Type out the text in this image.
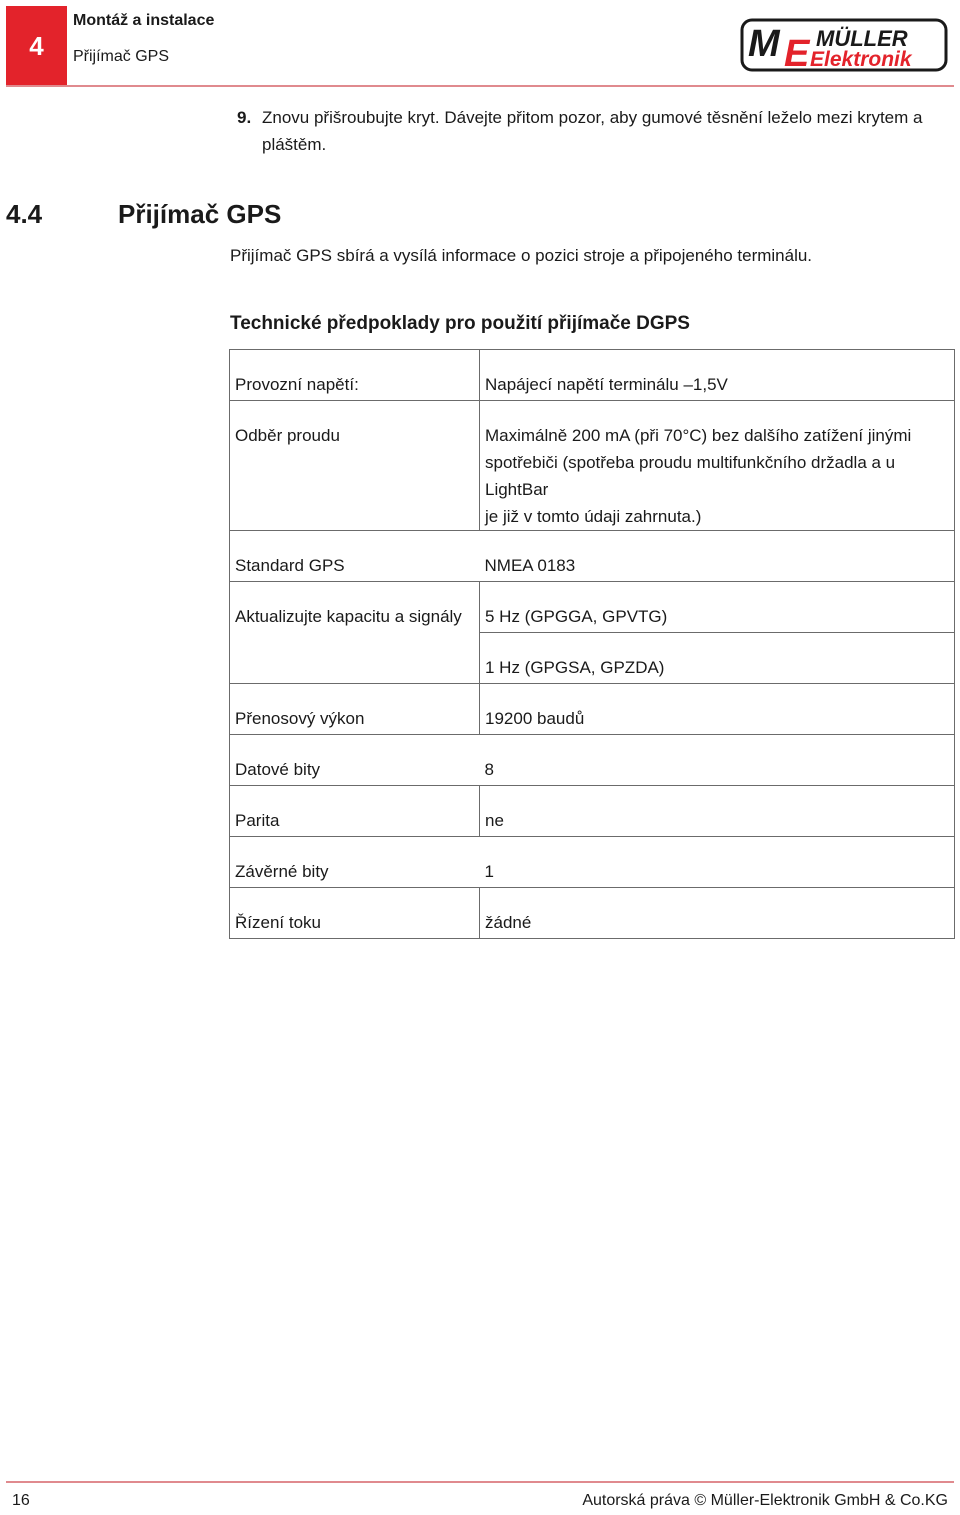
4
Montáž a instalace
Přijímač GPS	M E MÜLLER
Elektronik
9. Znovu přišroubujte kryt. Dávejte přitom pozor, aby gumové těsnění leželo mezi krytem a
pláštěm.
4.4	Přijímač GPS
Přijímač GPS sbírá a vysílá informace o pozici stroje a připojeného terminálu.
Technické předpoklady pro použití přijímače DGPS
Provozní napětí:	Napájecí napětí terminálu –1,5V
Odběr proudu	Maximálně 200 mA (při 70°C) bez dalšího zatížení jinými
spotřebiči (spotřeba proudu multifunkčního držadla a u LightBar
je již v tomto údaji zahrnuta.)

Standard GPS	NMEA 0183
Aktualizujte kapacitu a signály	5 Hz (GPGGA, GPVTG)
	1 Hz (GPGSA, GPZDA)
Přenosový výkon	19200 baudů
Datové bity	8
Parita	ne
Závěrné bity	1
Řízení toku	žádné
16	Autorská práva © Müller-Elektronik GmbH & Co.KG
